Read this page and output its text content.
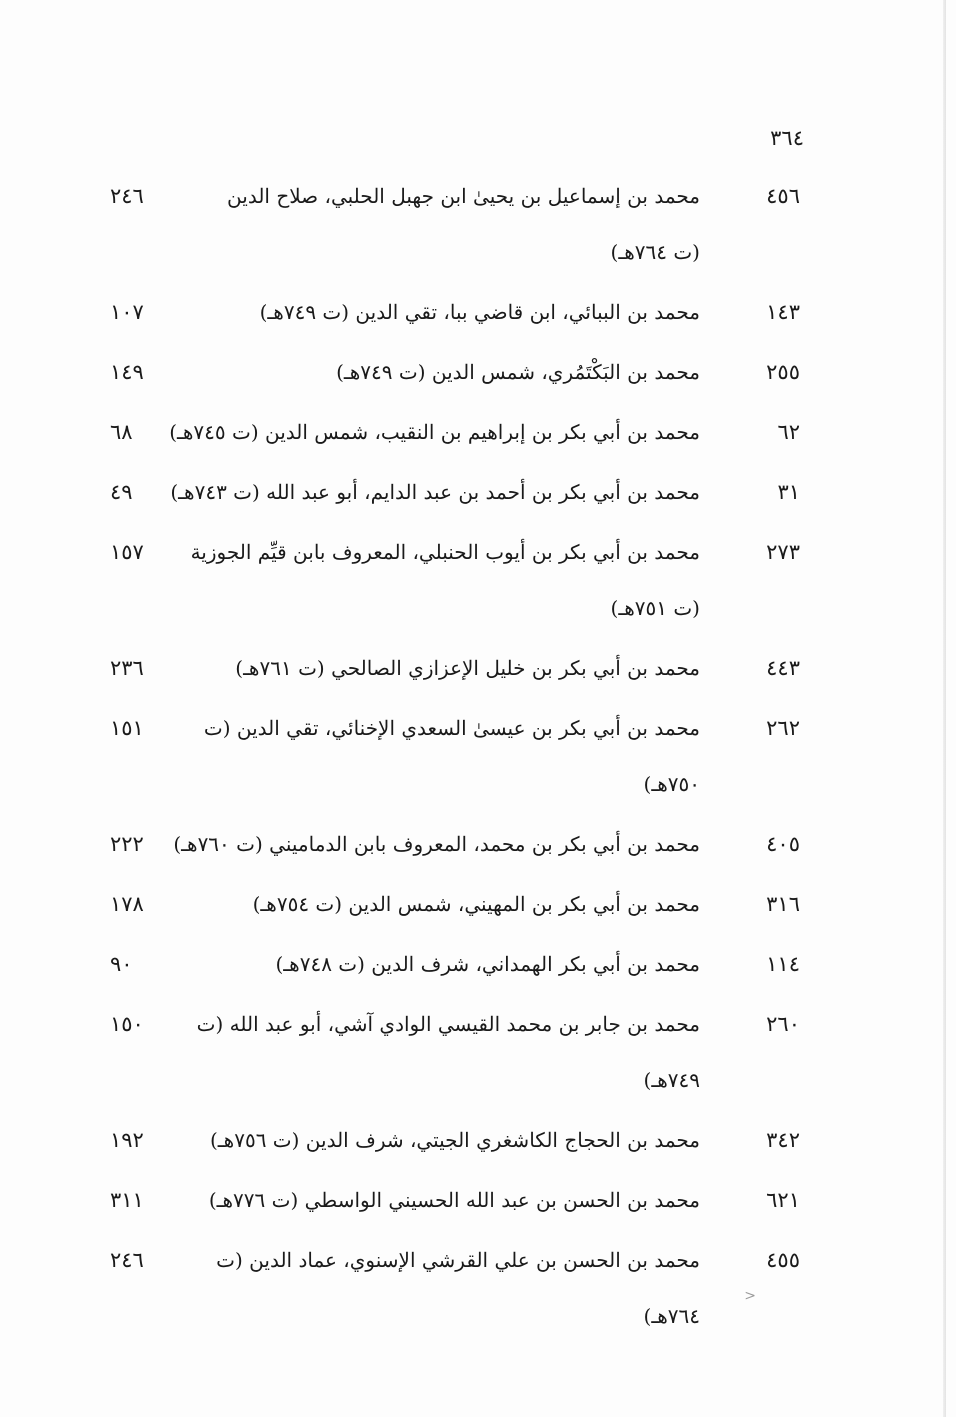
٣٦٤
٤٥٦
محمد بن إسماعيل بن يحيىٰ ابن جهبل الحلبي، صلاح الدين
(ت ٧٦٤هـ)
٢٤٦
١٤٣
محمد بن الببائي، ابن قاضي ببا، تقي الدين (ت ٧٤٩هـ)
١٠٧
٢٥٥
محمد بن البَكْتَمُري، شمس الدين (ت ٧٤٩هـ)
١٤٩
٦٢
محمد بن أبي بكر بن إبراهيم بن النقيب، شمس الدين (ت ٧٤٥هـ)
٦٨
٣١
محمد بن أبي بكر بن أحمد بن عبد الدايم، أبو عبد الله (ت ٧٤٣هـ)
٤٩
٢٧٣
محمد بن أبي بكر بن أيوب الحنبلي، المعروف بابن قيِّم الجوزية
(ت ٧٥١هـ)
١٥٧
٤٤٣
محمد بن أبي بكر بن خليل الإعزازي الصالحي (ت ٧٦١هـ)
٢٣٦
٢٦٢
محمد بن أبي بكر بن عيسىٰ السعدي الإخنائي، تقي الدين (ت
٧٥٠هـ)
١٥١
٤٠٥
محمد بن أبي بكر بن محمد، المعروف بابن الدماميني (ت ٧٦٠هـ)
٢٢٢
٣١٦
محمد بن أبي بكر بن المهيني، شمس الدين (ت ٧٥٤هـ)
١٧٨
١١٤
محمد بن أبي بكر الهمداني، شرف الدين (ت ٧٤٨هـ)
٩٠
٢٦٠
محمد بن جابر بن محمد القيسي الوادي آشي، أبو عبد الله (ت
٧٤٩هـ)
١٥٠
٣٤٢
محمد بن الحجاج الكاشغري الجيتي، شرف الدين (ت ٧٥٦هـ)
١٩٢
٦٢١
محمد بن الحسن بن عبد الله الحسيني الواسطي (ت ٧٧٦هـ)
٣١١
٤٥٥
محمد بن الحسن بن علي القرشي الإسنوي، عماد الدين (ت
٧٦٤هـ)
٢٤٦
>
